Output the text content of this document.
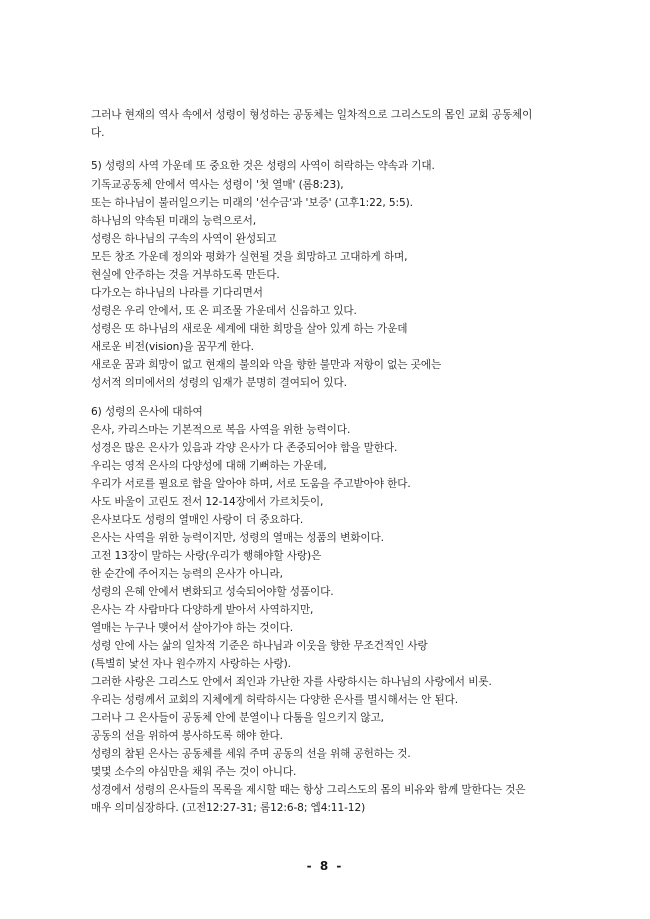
그러나 현재의 역사 속에서 성령이 형성하는 공동체는 일차적으로 그리스도의 몸인 교회 공동체이
다.
5) 성령의 사역 가운데 또 중요한 것은 성령의 사역이 허락하는 약속과 기대.
기독교공동체 안에서 역사는 성령이 '첫 열매' (롬8:23),
또는 하나님이 불러일으키는 미래의 '선수금'과 '보증' (고후1:22, 5:5).
하나님의 약속된 미래의 능력으로서,
성령은 하나님의 구속의 사역이 완성되고
모든 창조 가운데 정의와 평화가 실현될 것을 희망하고 고대하게 하며,
현실에 안주하는 것을 거부하도록 만든다.
다가오는 하나님의 나라를 기다리면서
성령은 우리 안에서, 또 온 피조물 가운데서 신음하고 있다.
성령은 또 하나님의 새로운 세계에 대한 희망을 살아 있게 하는 가운데
새로운 비전(vision)을 꿈꾸게 한다.
새로운 꿈과 희망이 없고 현재의 불의와 악을 향한 불만과 저항이 없는 곳에는
성서적 의미에서의 성령의 임재가 분명히 결여되어 있다.
6) 성령의 은사에 대하여
은사, 카리스마는 기본적으로 복음 사역을 위한 능력이다.
성경은 많은 은사가 있음과 각양 은사가 다 존중되어야 함을 말한다.
우리는 영적 은사의 다양성에 대해 기뻐하는 가운데,
우리가 서로를 필요로 함을 알아야 하며, 서로 도움을 주고받아야 한다.
사도 바울이 고린도 전서 12-14장에서 가르치듯이,
은사보다도 성령의 열매인 사랑이 더 중요하다.
은사는 사역을 위한 능력이지만, 성령의 열매는 성품의 변화이다.
고전 13장이 말하는 사랑(우리가 행해야할 사랑)은
한 순간에 주어지는 능력의 은사가 아니라,
성령의 은혜 안에서 변화되고 성숙되어야할 성품이다.
은사는 각 사람마다 다양하게 받아서 사역하지만,
열매는 누구나 맺어서 살아가야 하는 것이다.
성령 안에 사는 삶의 일차적 기준은 하나님과 이웃을 향한 무조건적인 사랑
(특별히 낯선 자나 원수까지 사랑하는 사랑).
그러한 사랑은 그리스도 안에서 죄인과 가난한 자를 사랑하시는 하나님의 사랑에서 비롯.
우리는 성령께서 교회의 지체에게 허락하시는 다양한 은사를 멸시해서는 안 된다.
그러나 그 은사들이 공동체 안에 분열이나 다툼을 일으키지 않고,
공동의 선을 위하여 봉사하도록 해야 한다.
성령의 참된 은사는 공동체를 세워 주며 공동의 선을 위해 공헌하는 것.
몇몇 소수의 야심만을 채워 주는 것이 아니다.
성경에서 성령의 은사들의 목록을 제시할 때는 항상 그리스도의 몸의 비유와 함께 말한다는 것은
매우 의미심장하다. (고전12:27-31; 롬12:6-8; 엡4:11-12)
- 8 -
